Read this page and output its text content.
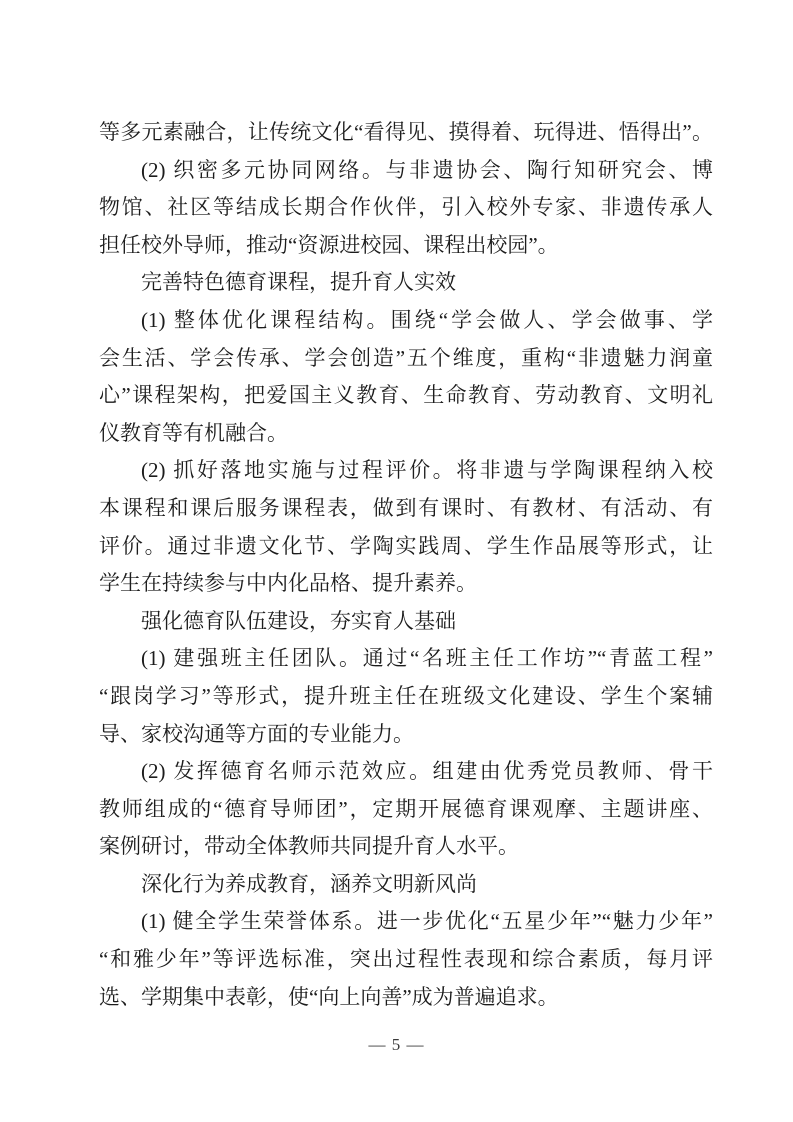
等多元素融合，让传统文化“看得见、摸得着、玩得进、悟得出”。
(2) 织密多元协同网络。与非遗协会、陶行知研究会、博
物馆、社区等结成长期合作伙伴，引入校外专家、非遗传承人
担任校外导师，推动“资源进校园、课程出校园”。
完善特色德育课程，提升育人实效
(1) 整体优化课程结构。围绕“学会做人、学会做事、学
会生活、学会传承、学会创造”五个维度，重构“非遗魅力润童
心”课程架构，把爱国主义教育、生命教育、劳动教育、文明礼
仪教育等有机融合。
(2) 抓好落地实施与过程评价。将非遗与学陶课程纳入校
本课程和课后服务课程表，做到有课时、有教材、有活动、有
评价。通过非遗文化节、学陶实践周、学生作品展等形式，让
学生在持续参与中内化品格、提升素养。
强化德育队伍建设，夯实育人基础
(1) 建强班主任团队。通过“名班主任工作坊”“青蓝工程”
“跟岗学习”等形式，提升班主任在班级文化建设、学生个案辅
导、家校沟通等方面的专业能力。
(2) 发挥德育名师示范效应。组建由优秀党员教师、骨干
教师组成的“德育导师团”，定期开展德育课观摩、主题讲座、
案例研讨，带动全体教师共同提升育人水平。
深化行为养成教育，涵养文明新风尚
(1) 健全学生荣誉体系。进一步优化“五星少年”“魅力少年”
“和雅少年”等评选标准，突出过程性表现和综合素质，每月评
选、学期集中表彰，使“向上向善”成为普遍追求。
— 5 —
